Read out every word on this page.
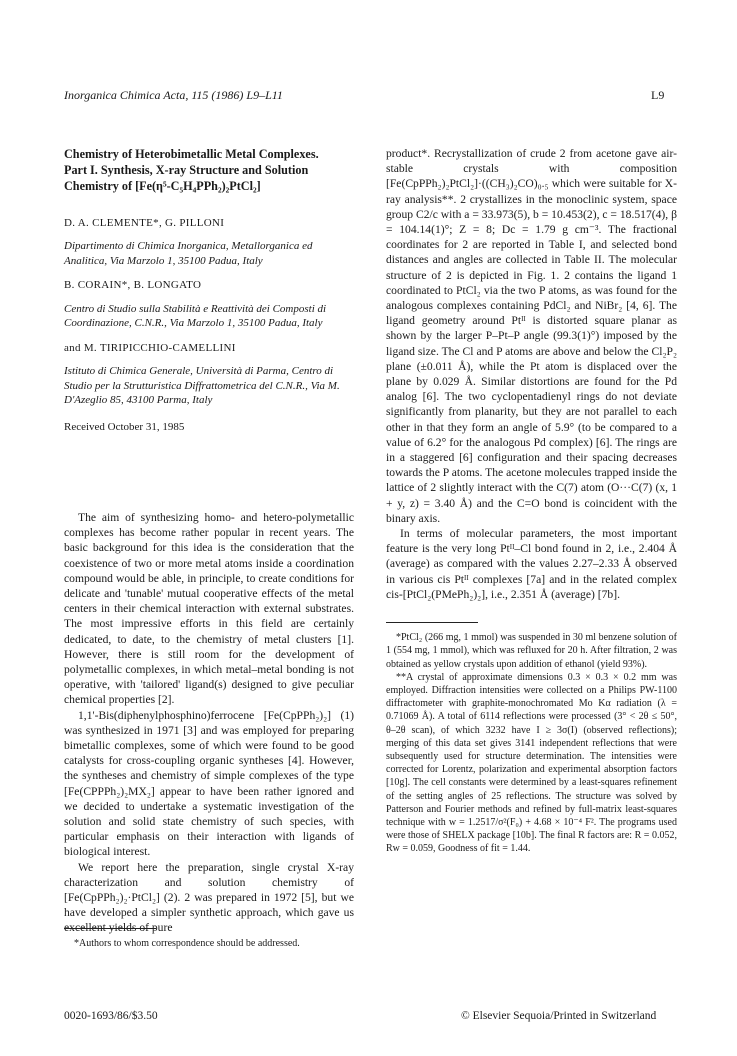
Inorganica Chimica Acta, 115 (1986) L9–L11	L9

Chemistry of Heterobimetallic Metal Complexes.
Part I. Synthesis, X-ray Structure and Solution
Chemistry of [Fe(η⁵-C₅H₄PPh₂)₂PtCl₂]

D. A. CLEMENTE*, G. PILLONI
Dipartimento di Chimica Inorganica, Metallorganica ed Analitica, Via Marzolo 1, 35100 Padua, Italy
B. CORAIN*, B. LONGATO
Centro di Studio sulla Stabilità e Reattività dei Composti di Coordinazione, C.N.R., Via Marzolo 1, 35100 Padua, Italy
and M. TIRIPICCHIO-CAMELLINI
Istituto di Chimica Generale, Università di Parma, Centro di Studio per la Strutturistica Diffrattometrica del C.N.R., Via M. D'Azeglio 85, 43100 Parma, Italy
Received October 31, 1985

The aim of synthesizing homo- and hetero-polymetallic complexes has become rather popular in recent years. The basic background for this idea is the consideration that the coexistence of two or more metal atoms inside a coordination compound would be able, in principle, to create conditions for delicate and 'tunable' mutual cooperative effects of the metal centers in their chemical interaction with external substrates. The most impressive efforts in this field are certainly dedicated, to date, to the chemistry of metal clusters [1]. However, there is still room for the development of polymetallic complexes, in which metal–metal bonding is not operative, with 'tailored' ligand(s) designed to give peculiar chemical properties [2].

1,1'-Bis(diphenylphosphino)ferrocene [Fe(CpPPh₂)₂] (1) was synthesized in 1971 [3] and was employed for preparing bimetallic complexes, some of which were found to be good catalysts for cross-coupling organic syntheses [4]. However, the syntheses and chemistry of simple complexes of the type [Fe(CPPPh₂)₂MX₂] appear to have been rather ignored and we decided to undertake a systematic investigation of the solution and solid state chemistry of such species, with particular emphasis on their interaction with ligands of biological interest.

We report here the preparation, single crystal X-ray characterization and solution chemistry of [Fe(CpPPh₂)₂·PtCl₂] (2). 2 was prepared in 1972 [5], but we have developed a simpler synthetic approach, which gave us excellent yields of pure

*Authors to whom correspondence should be addressed.

product*. Recrystallization of crude 2 from acetone gave air-stable crystals with composition [Fe(CpPPh₂)₂PtCl₂]·((CH₃)₂CO)₀.₅ which were suitable for X-ray analysis**. 2 crystallizes in the monoclinic system, space group C2/c with a = 33.973(5), b = 10.453(2), c = 18.517(4), β = 104.14(1)°; Z = 8; Dc = 1.79 g cm⁻³. The fractional coordinates for 2 are reported in Table I, and selected bond distances and angles are collected in Table II. The molecular structure of 2 is depicted in Fig. 1. 2 contains the ligand 1 coordinated to PtCl₂ via the two P atoms, as was found for the analogous complexes containing PdCl₂ and NiBr₂ [4, 6]. The ligand geometry around Ptᴵᴵ is distorted square planar as shown by the larger P–Pt–P angle (99.3(1)°) imposed by the ligand size. The Cl and P atoms are above and below the Cl₂P₂ plane (±0.011 Å), while the Pt atom is displaced over the plane by 0.029 Å. Similar distortions are found for the Pd analog [6]. The two cyclopentadienyl rings do not deviate significantly from planarity, but they are not parallel to each other in that they form an angle of 5.9° (to be compared to a value of 6.2° for the analogous Pd complex) [6]. The rings are in a staggered [6] configuration and their spacing decreases towards the P atoms. The acetone molecules trapped inside the lattice of 2 slightly interact with the C(7) atom (O···C(7) (x, 1 + y, z) = 3.40 Å) and the C=O bond is coincident with the binary axis.

In terms of molecular parameters, the most important feature is the very long Ptᴵᴵ–Cl bond found in 2, i.e., 2.404 Å (average) as compared with the values 2.27–2.33 Å observed in various cis Ptᴵᴵ complexes [7a] and in the related complex cis-[PtCl₂(PMePh₂)₂], i.e., 2.351 Å (average) [7b].

*PtCl₂ (266 mg, 1 mmol) was suspended in 30 ml benzene solution of 1 (554 mg, 1 mmol), which was refluxed for 20 h. After filtration, 2 was obtained as yellow crystals upon addition of ethanol (yield 93%).

**A crystal of approximate dimensions 0.3 × 0.3 × 0.2 mm was employed. Diffraction intensities were collected on a Philips PW-1100 diffractometer with graphite-monochromated Mo Kα radiation (λ = 0.71069 Å). A total of 6114 reflections were processed (3° < 2θ ≤ 50°, θ–2θ scan), of which 3232 have I ≥ 3σ(I) (observed reflections); merging of this data set gives 3141 independent reflections that were subsequently used for structure determination. The intensities were corrected for Lorentz, polarization and experimental absorption factors [10g]. The cell constants were determined by a least-squares refinement of the setting angles of 25 reflections. The structure was solved by Patterson and Fourier methods and refined by full-matrix least-squares technique with w = 1.2517/σ²(F₀) + 4.68 × 10⁻⁴ F². The programs used were those of SHELX package [10b]. The final R factors are: R = 0.052, Rw = 0.059, Goodness of fit = 1.44.

0020-1693/86/$3.50	© Elsevier Sequoia/Printed in Switzerland
